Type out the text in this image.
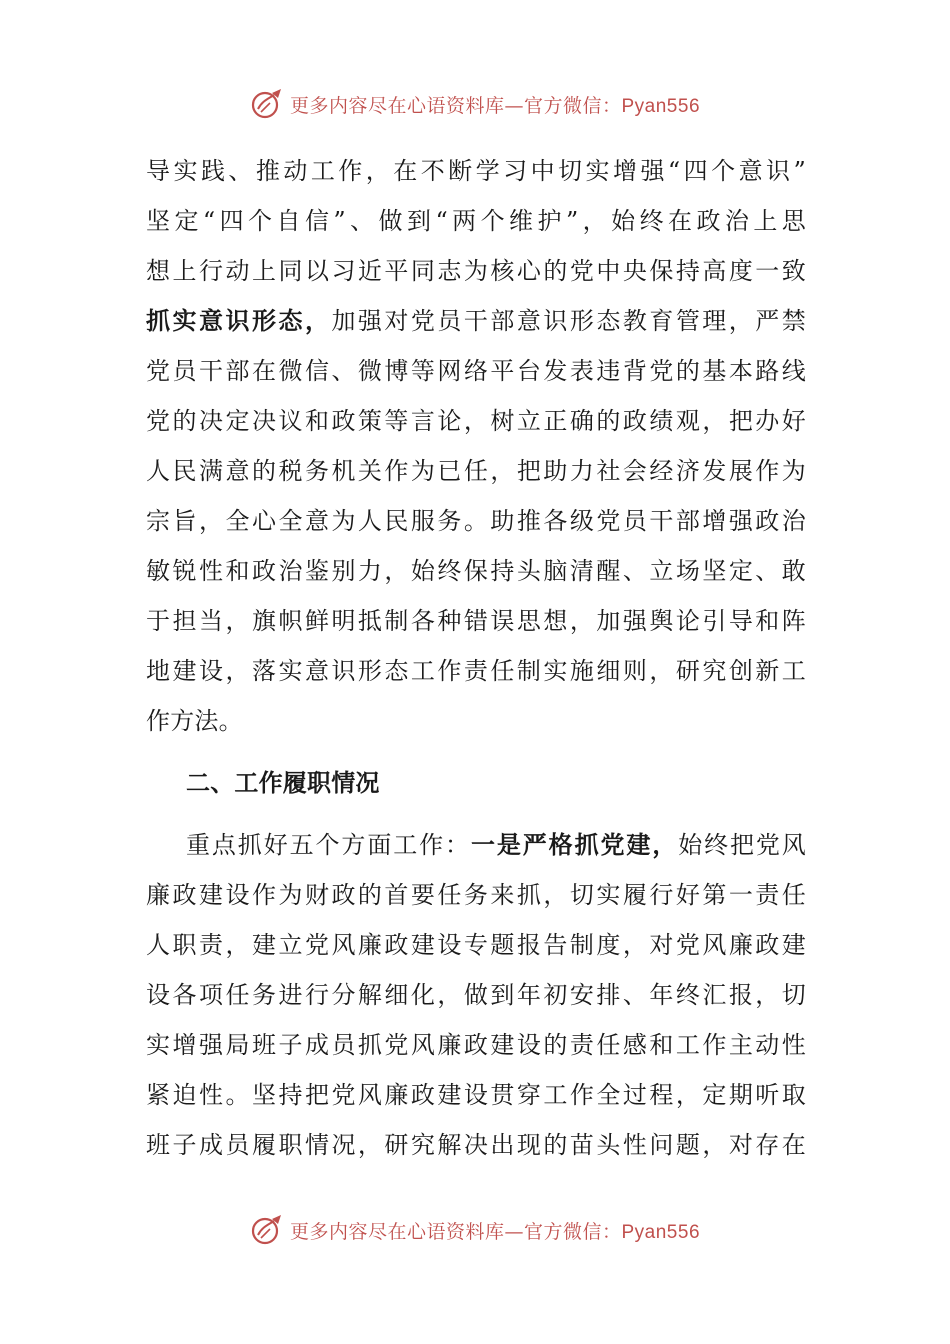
更多内容尽在心语资料库—官方微信：Pyan556
导实践、推动工作，在不断学习中切实增强“四个意识”
坚定“四个自信”、做到“两个维护”，始终在政治上思
想上行动上同以习近平同志为核心的党中央保持高度一致
抓实意识形态，加强对党员干部意识形态教育管理，严禁
党员干部在微信、微博等网络平台发表违背党的基本路线
党的决定决议和政策等言论，树立正确的政绩观，把办好
人民满意的税务机关作为已任，把助力社会经济发展作为
宗旨，全心全意为人民服务。助推各级党员干部增强政治
敏锐性和政治鉴别力，始终保持头脑清醒、立场坚定、敢
于担当，旗帜鲜明抵制各种错误思想，加强舆论引导和阵
地建设，落实意识形态工作责任制实施细则，研究创新工
作方法。
二、工作履职情况
重点抓好五个方面工作：一是严格抓党建，始终把党风
廉政建设作为财政的首要任务来抓，切实履行好第一责任
人职责，建立党风廉政建设专题报告制度，对党风廉政建
设各项任务进行分解细化，做到年初安排、年终汇报，切
实增强局班子成员抓党风廉政建设的责任感和工作主动性
紧迫性。坚持把党风廉政建设贯穿工作全过程，定期听取
班子成员履职情况，研究解决出现的苗头性问题，对存在
更多内容尽在心语资料库—官方微信：Pyan556
